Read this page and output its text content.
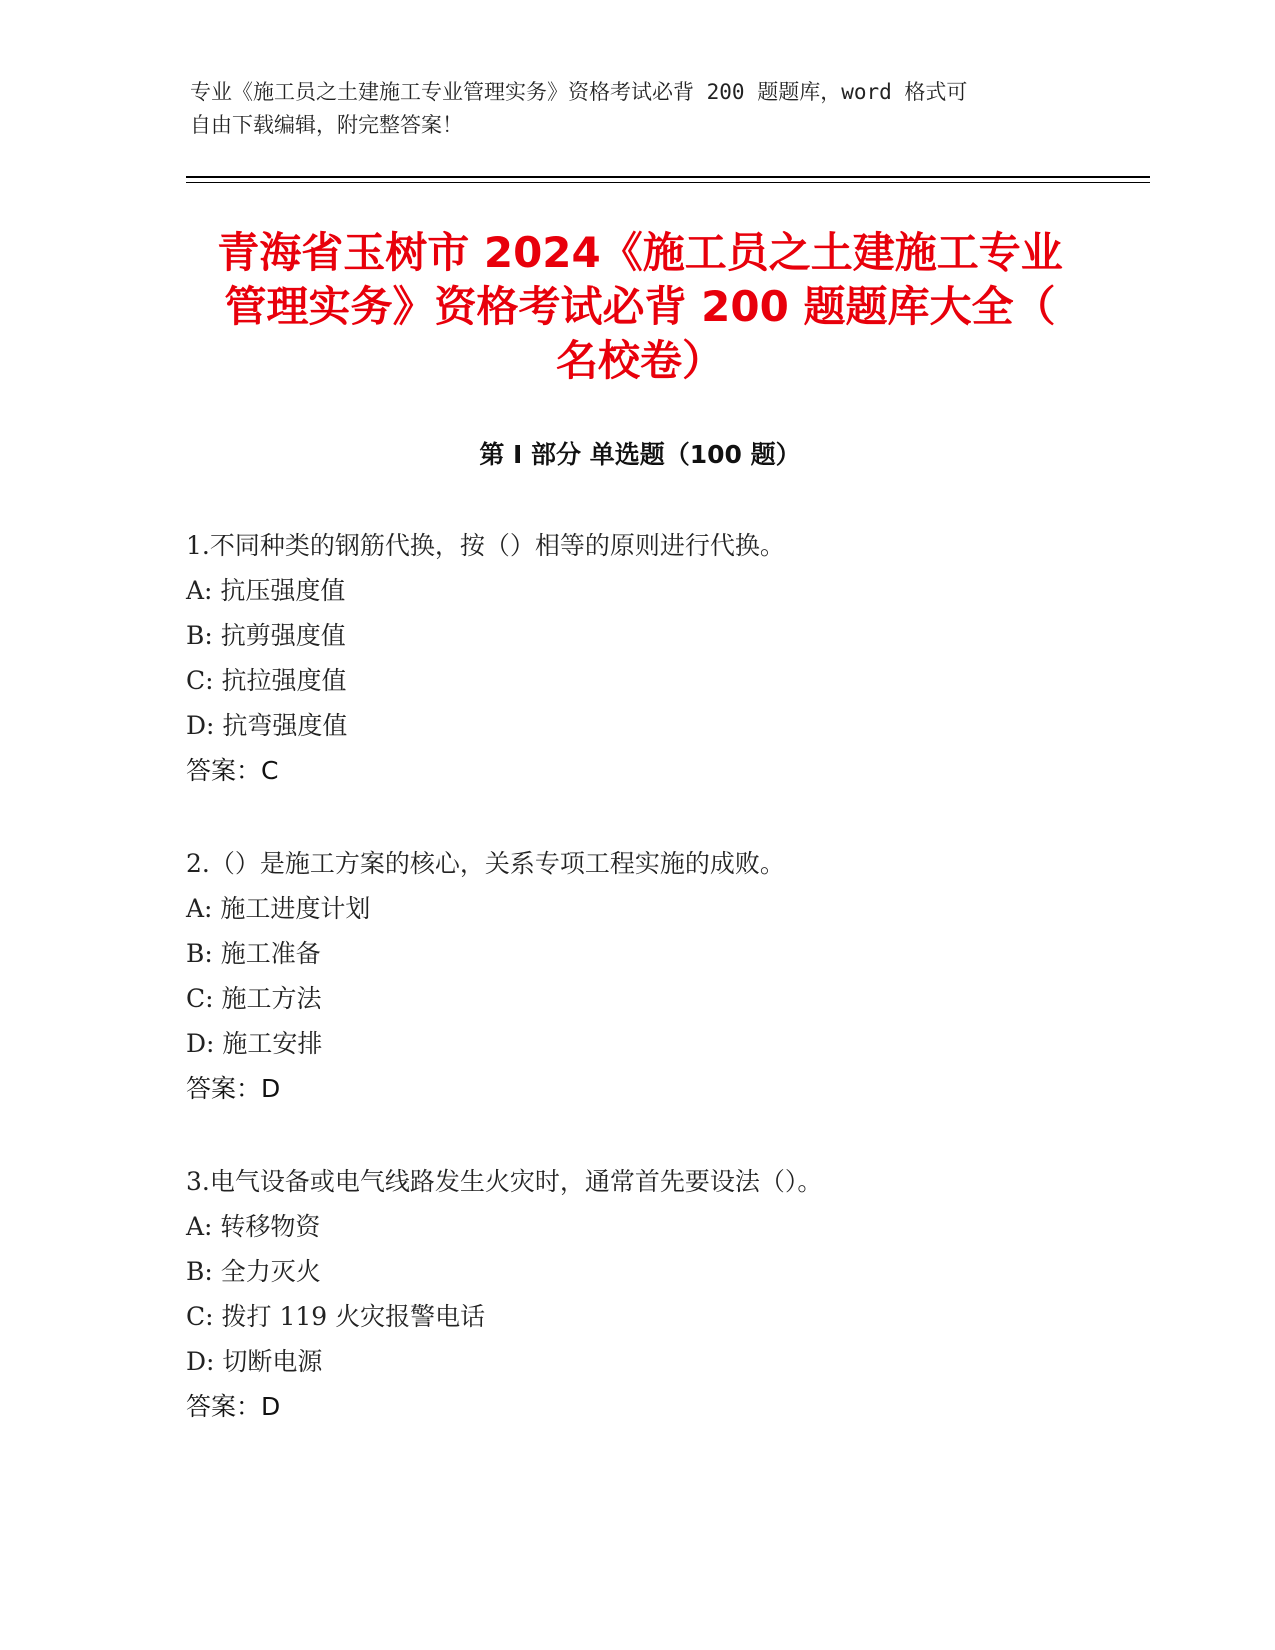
专业《施工员之土建施工专业管理实务》资格考试必背 200 题题库，word 格式可
自由下载编辑，附完整答案！
青海省玉树市 2024《施工员之土建施工专业
管理实务》资格考试必背 200 题题库大全（
名校卷）
第 I 部分 单选题（100 题）
1.不同种类的钢筋代换，按（）相等的原则进行代换。
A: 抗压强度值
B: 抗剪强度值
C: 抗拉强度值
D: 抗弯强度值
答案：C
2.（）是施工方案的核心，关系专项工程实施的成败。
A: 施工进度计划
B: 施工准备
C: 施工方法
D: 施工安排
答案：D
3.电气设备或电气线路发生火灾时，通常首先要设法（）。
A: 转移物资
B: 全力灭火
C: 拨打 119 火灾报警电话
D: 切断电源
答案：D
